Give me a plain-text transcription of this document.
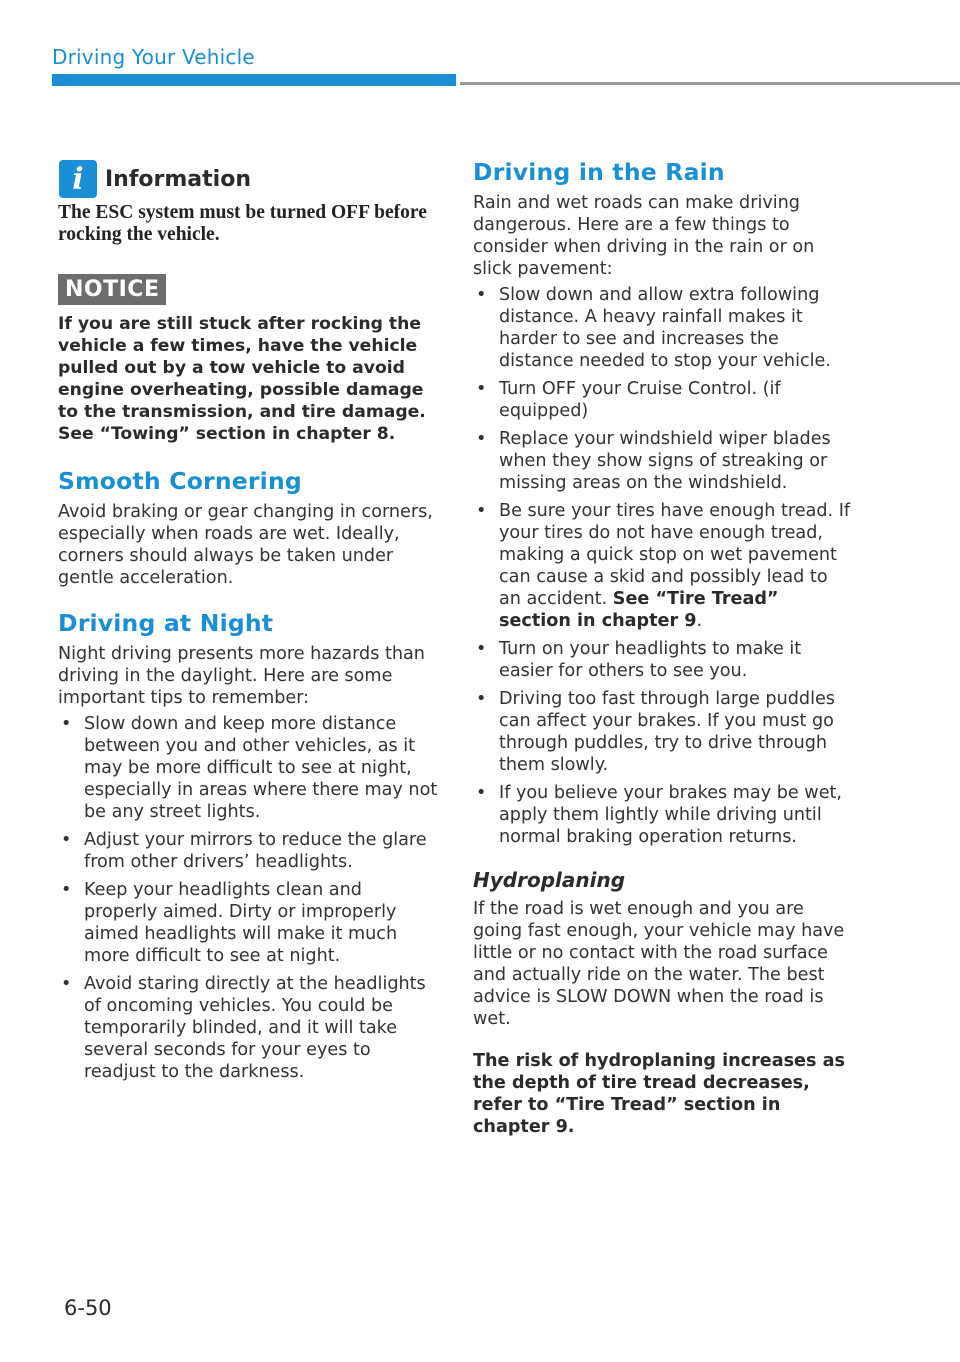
Driving Your Vehicle
i Information
The ESC system must be turned OFF before rocking the vehicle.
NOTICE
If you are still stuck after rocking the vehicle a few times, have the vehicle pulled out by a tow vehicle to avoid engine overheating, possible damage to the transmission, and tire damage. See “Towing” section in chapter 8.
Smooth Cornering

Avoid braking or gear changing in corners, especially when roads are wet. Ideally, corners should always be taken under gentle acceleration.

Driving at Night

Night driving presents more hazards than driving in the daylight. Here are some important tips to remember:

• Slow down and keep more distance between you and other vehicles, as it may be more difficult to see at night, especially in areas where there may not be any street lights.
• Adjust your mirrors to reduce the glare from other drivers’ headlights.
• Keep your headlights clean and properly aimed. Dirty or improperly aimed headlights will make it much more difficult to see at night.
• Avoid staring directly at the headlights of oncoming vehicles. You could be temporarily blinded, and it will take several seconds for your eyes to readjust to the darkness.
Driving in the Rain

Rain and wet roads can make driving dangerous. Here are a few things to consider when driving in the rain or on slick pavement:

• Slow down and allow extra following distance. A heavy rainfall makes it harder to see and increases the distance needed to stop your vehicle.
• Turn OFF your Cruise Control. (if equipped)
• Replace your windshield wiper blades when they show signs of streaking or missing areas on the windshield.
• Be sure your tires have enough tread. If your tires do not have enough tread, making a quick stop on wet pavement can cause a skid and possibly lead to an accident. See “Tire Tread” section in chapter 9.
• Turn on your headlights to make it easier for others to see you.
• Driving too fast through large puddles can affect your brakes. If you must go through puddles, try to drive through them slowly.
• If you believe your brakes may be wet, apply them lightly while driving until normal braking operation returns.
Hydroplaning

If the road is wet enough and you are going fast enough, your vehicle may have little or no contact with the road surface and actually ride on the water. The best advice is SLOW DOWN when the road is wet.

The risk of hydroplaning increases as the depth of tire tread decreases, refer to “Tire Tread” section in chapter 9.
6-50
